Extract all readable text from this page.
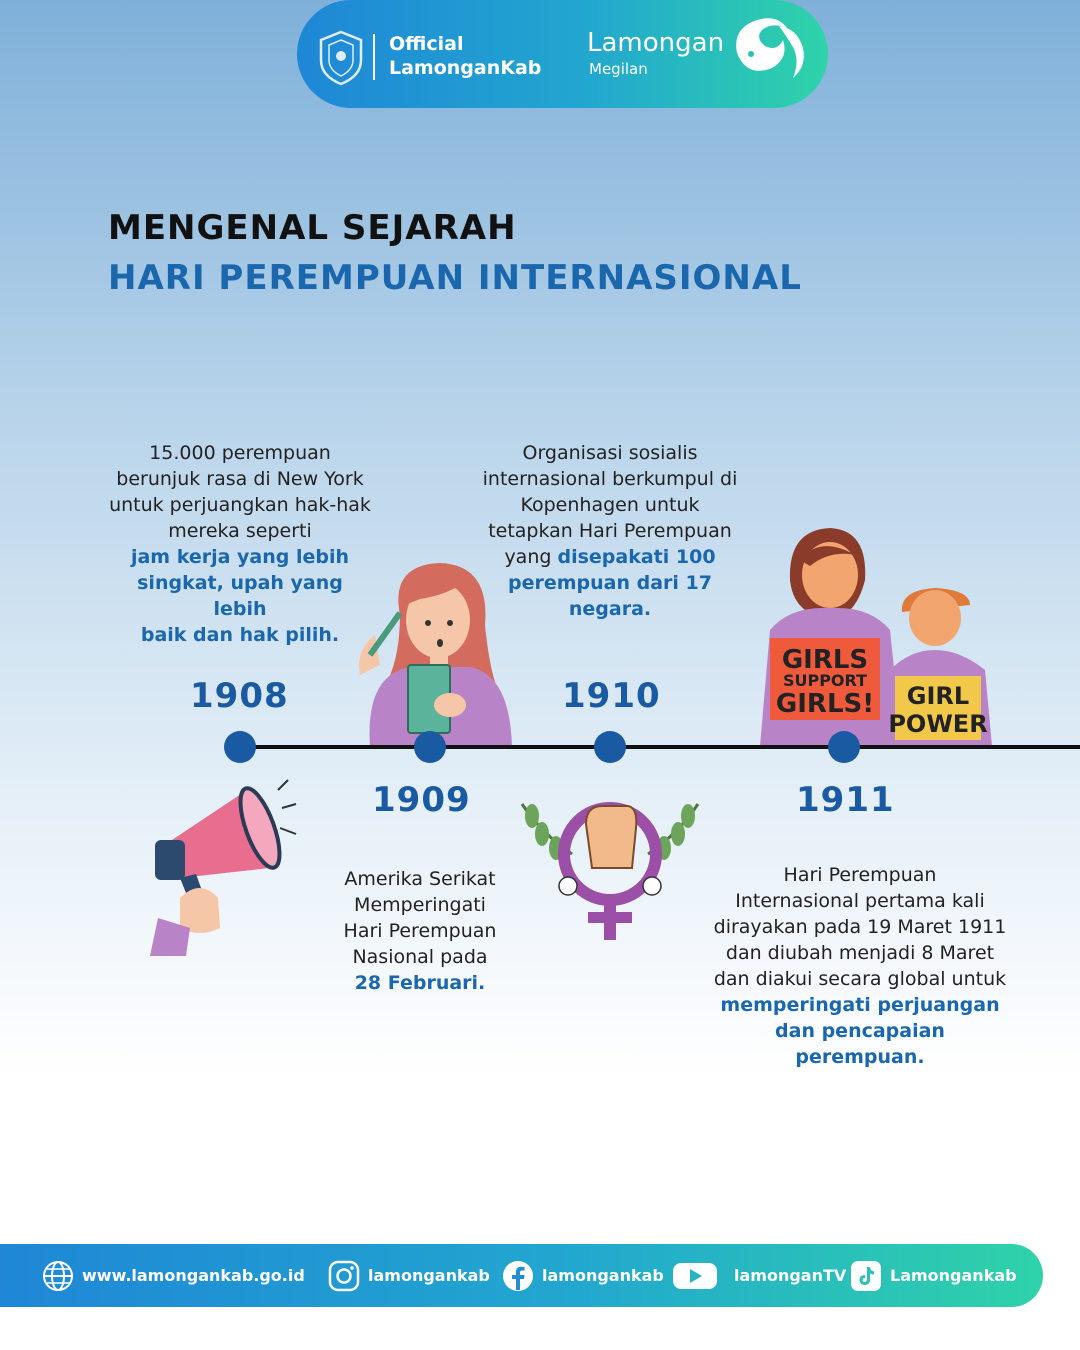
Official
LamonganKab
Lamongan
Megilan
MENGENAL SEJARAH
HARI PEREMPUAN INTERNASIONAL
15.000 perempuan
berunjuk rasa di New York
untuk perjuangkan hak-hak
mereka seperti
jam kerja yang lebih
singkat, upah yang lebih
baik dan hak pilih.
Organisasi sosialis
internasional berkumpul di
Kopenhagen untuk
tetapkan Hari Perempuan
yang disepakati 100
perempuan dari 17
negara.
GIRLS
SUPPORT
GIRLS! GIRL
POWER
1908	1910
1909	1911
Amerika Serikat
Memperingati
Hari Perempuan
Nasional pada
28 Februari.
Hari Perempuan
Internasional pertama kali
dirayakan pada 19 Maret 1911
dan diubah menjadi 8 Maret
dan diakui secara global untuk
memperingati perjuangan
dan pencapaian perempuan.
www.lamongankab.go.id	lamongankab	lamongankab	lamonganTV	Lamongankab
